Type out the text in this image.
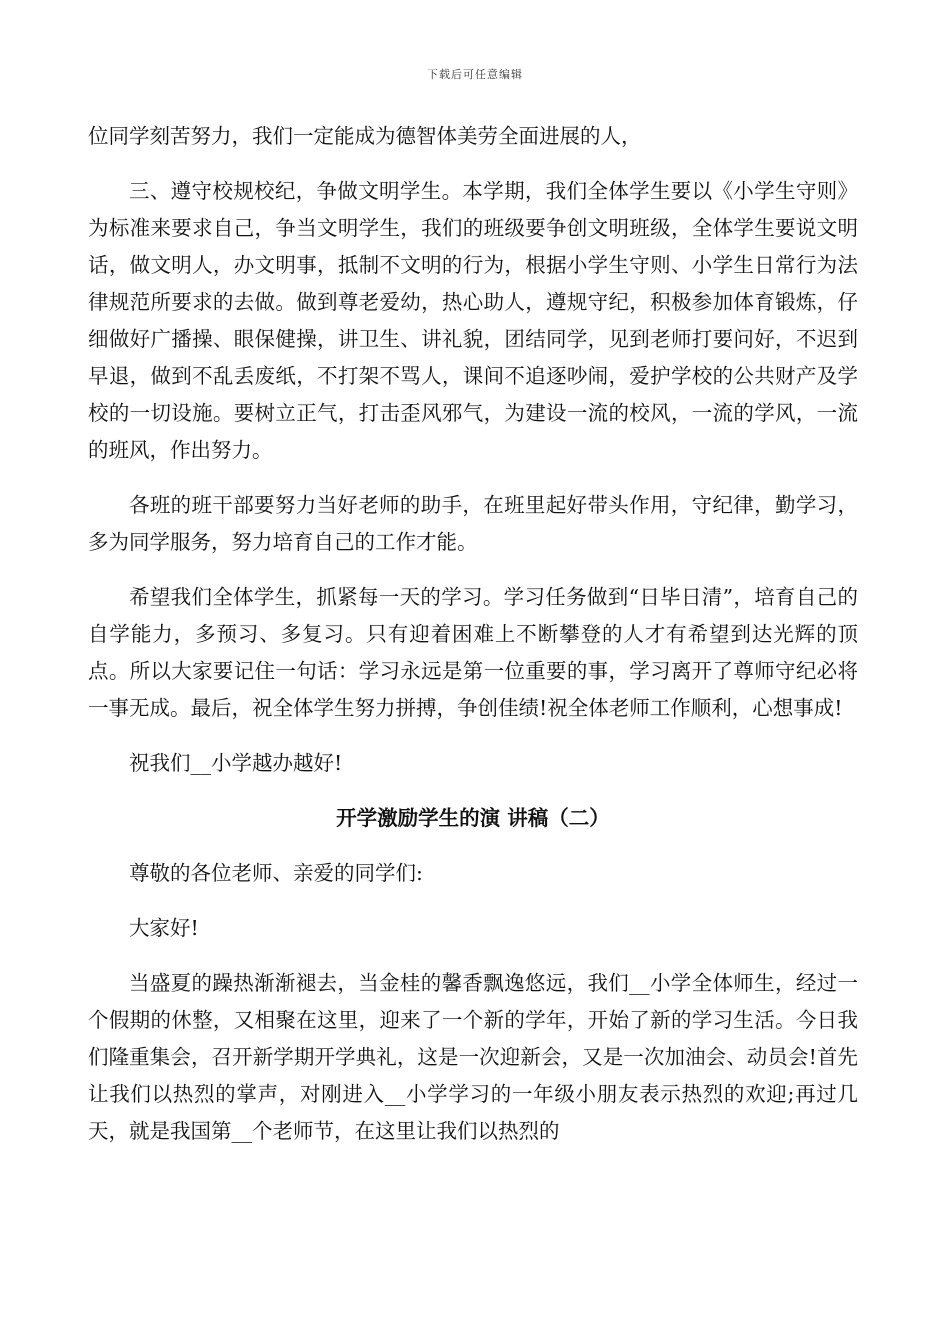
下载后可任意编辑

位同学刻苦努力，我们一定能成为德智体美劳全面进展的人，

三、遵守校规校纪，争做文明学生。本学期，我们全体学生要以《小学生守则》为标准来要求自己，争当文明学生，我们的班级要争创文明班级，全体学生要说文明话，做文明人，办文明事，抵制不文明的行为，根据小学生守则、小学生日常行为法律规范所要求的去做。做到尊老爱幼，热心助人，遵规守纪，积极参加体育锻炼，仔细做好广播操、眼保健操，讲卫生、讲礼貌，团结同学，见到老师打要问好，不迟到早退，做到不乱丢废纸，不打架不骂人，课间不追逐吵闹，爱护学校的公共财产及学校的一切设施。要树立正气，打击歪风邪气，为建设一流的校风，一流的学风，一流的班风，作出努力。

各班的班干部要努力当好老师的助手，在班里起好带头作用，守纪律，勤学习，多为同学服务，努力培育自己的工作才能。

希望我们全体学生，抓紧每一天的学习。学习任务做到“日毕日清”，培育自己的自学能力，多预习、多复习。只有迎着困难上不断攀登的人才有希望到达光辉的顶点。所以大家要记住一句话：学习永远是第一位重要的事，学习离开了尊师守纪必将一事无成。最后，祝全体学生努力拼搏，争创佳绩!祝全体老师工作顺利，心想事成!

祝我们__小学越办越好!

开学激励学生的演 讲稿（二）

尊敬的各位老师、亲爱的同学们:

大家好!

当盛夏的躁热渐渐褪去，当金桂的馨香飘逸悠远，我们__小学全体师生，经过一个假期的休整，又相聚在这里，迎来了一个新的学年，开始了新的学习生活。今日我们隆重集会，召开新学期开学典礼，这是一次迎新会，又是一次加油会、动员会!首先让我们以热烈的掌声，对刚进入__小学学习的一年级小朋友表示热烈的欢迎;再过几天，就是我国第__个老师节，在这里让我们以热烈的
